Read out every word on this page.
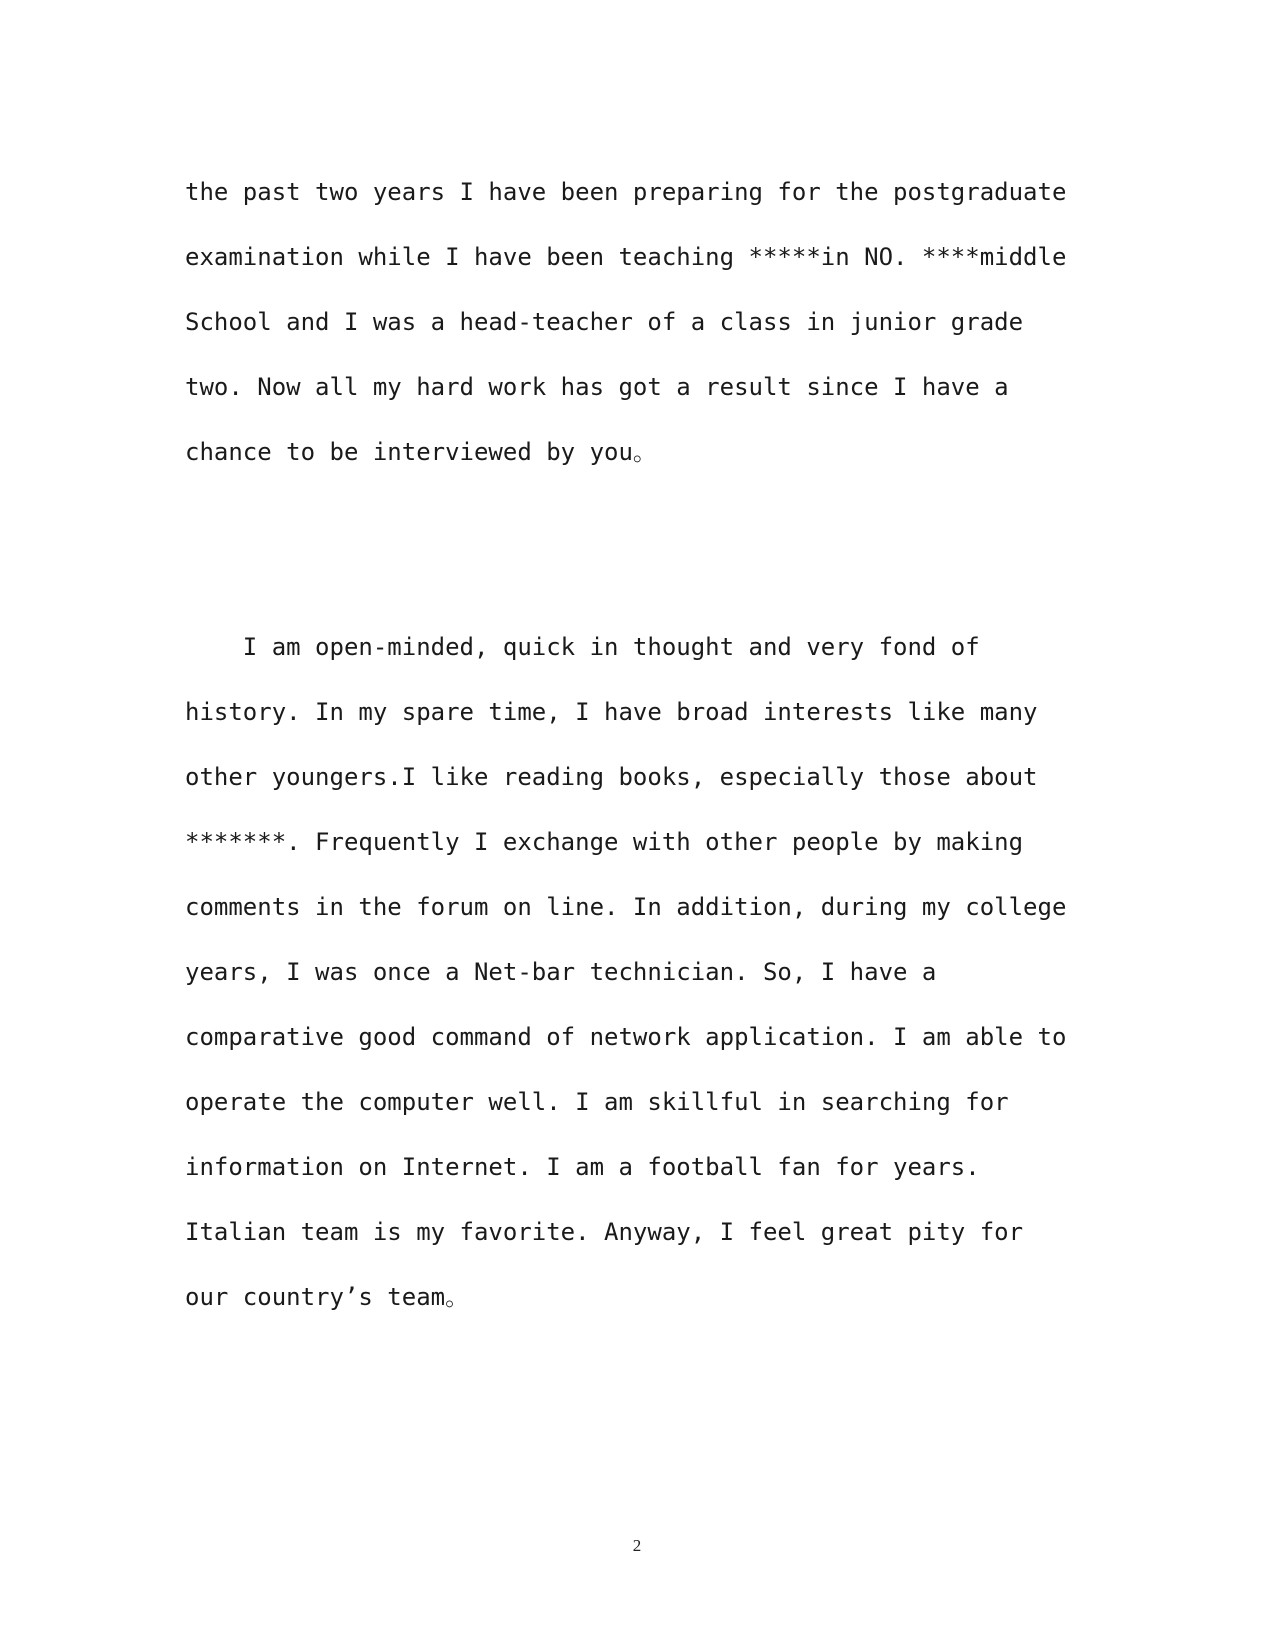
the past two years I have been preparing for the postgraduate
examination while I have been teaching *****in NO. ****middle
School and I was a head-teacher of a class in junior grade
two. Now all my hard work has got a result since I have a
chance to be interviewed by you。
I am open-minded, quick in thought and very fond of
history. In my spare time, I have broad interests like many
other youngers.I like reading books, especially those about
*******. Frequently I exchange with other people by making
comments in the forum on line. In addition, during my college
years, I was once a Net-bar technician. So, I have a
comparative good command of network application. I am able to
operate the computer well. I am skillful in searching for
information on Internet. I am a football fan for years.
Italian team is my favorite. Anyway, I feel great pity for
our country’s team。
2
